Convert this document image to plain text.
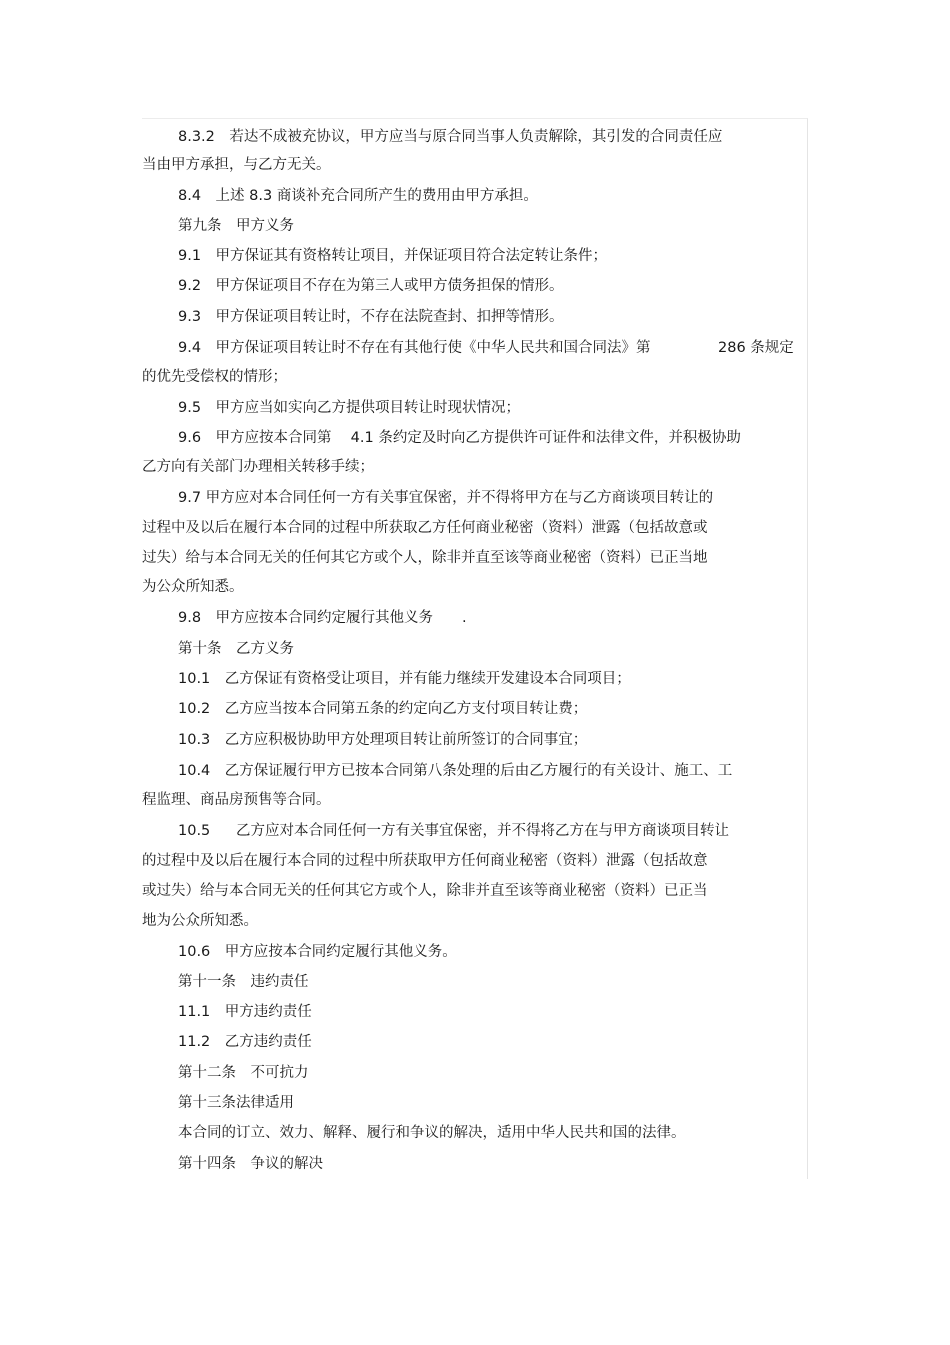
8.3.2　若达不成被充协议，甲方应当与原合同当事人负责解除，其引发的合同责任应
当由甲方承担，与乙方无关。
8.4　上述 8.3 商谈补充合同所产生的费用由甲方承担。
第九条　甲方义务
9.1　甲方保证其有资格转让项目，并保证项目符合法定转让条件；
9.2　甲方保证项目不存在为第三人或甲方债务担保的情形。
9.3　甲方保证项目转让时，不存在法院查封、扣押等情形。
9.4　甲方保证项目转让时不存在有其他行使《中华人民共和国合同法》第	286 条规定
的优先受偿权的情形；
9.5　甲方应当如实向乙方提供项目转让时现状情况；
9.6　甲方应按本合同第　 4.1 条约定及时向乙方提供许可证件和法律文件，并积极协助
乙方向有关部门办理相关转移手续；
9.7 甲方应对本合同任何一方有关事宜保密，并不得将甲方在与乙方商谈项目转让的
过程中及以后在履行本合同的过程中所获取乙方任何商业秘密（资料）泄露（包括故意或
过失）给与本合同无关的任何其它方或个人，除非并直至该等商业秘密（资料）已正当地
为公众所知悉。
9.8　甲方应按本合同约定履行其他义务 .
第十条　乙方义务
10.1　乙方保证有资格受让项目，并有能力继续开发建设本合同项目；
10.2　乙方应当按本合同第五条的约定向乙方支付项目转让费；
10.3　乙方应积极协助甲方处理项目转让前所签订的合同事宜；
10.4　乙方保证履行甲方已按本合同第八条处理的后由乙方履行的有关设计、施工、工
程监理、商品房预售等合同。
10.5 乙方应对本合同任何一方有关事宜保密，并不得将乙方在与甲方商谈项目转让
的过程中及以后在履行本合同的过程中所获取甲方任何商业秘密（资料）泄露（包括故意
或过失）给与本合同无关的任何其它方或个人，除非并直至该等商业秘密（资料）已正当
地为公众所知悉。
10.6　甲方应按本合同约定履行其他义务。
第十一条　违约责任
11.1　甲方违约责任
11.2　乙方违约责任
第十二条　不可抗力
第十三条法律适用
本合同的订立、效力、解释、履行和争议的解决，适用中华人民共和国的法律。
第十四条　争议的解决
